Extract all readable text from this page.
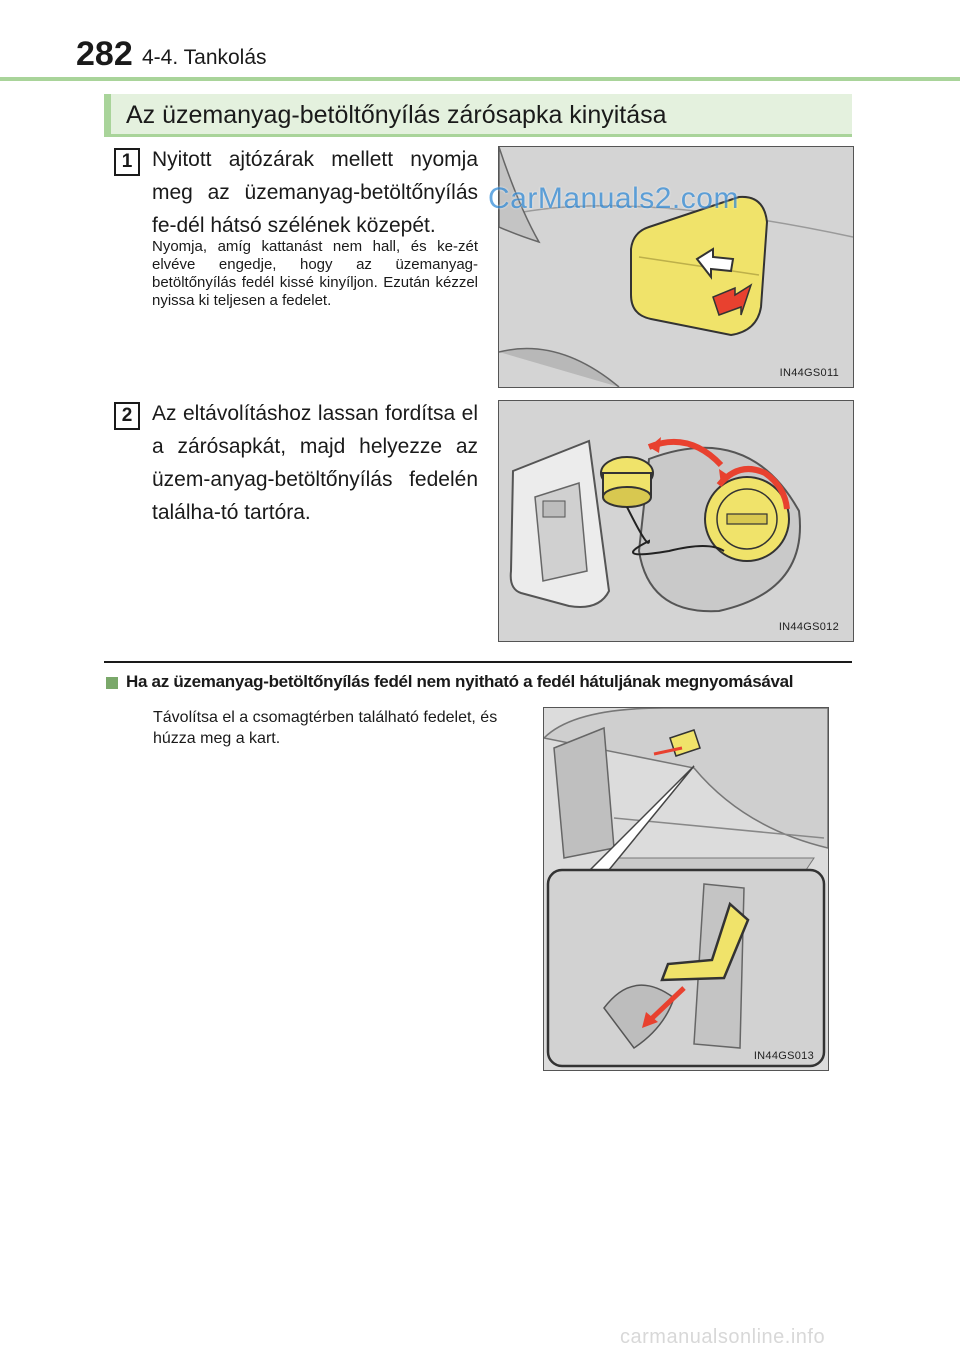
282 4-4. Tankolás
Az üzemanyag-betöltőnyílás zárósapka kinyitása
1 Nyitott ajtózárak mellett nyomja meg az üzemanyag-betöltőnyílás fe-dél hátsó szélének közepét.
Nyomja, amíg kattanást nem hall, és ke-zét elvéve engedje, hogy az üzemanyag-betöltőnyílás fedél kissé kinyíljon. Ezután kézzel nyissa ki teljesen a fedelet.
IN44GS011
CarManuals2.com
2 Az eltávolításhoz lassan fordítsa el a zárósapkát, majd helyezze az üzem-anyag-betöltőnyílás fedelén találha-tó tartóra.
IN44GS012
Ha az üzemanyag-betöltőnyílás fedél nem nyitható a fedél hátuljának megnyomásával
Távolítsa el a csomagtérben található fedelet, és húzza meg a kart.
IN44GS013
carmanualsonline.info
